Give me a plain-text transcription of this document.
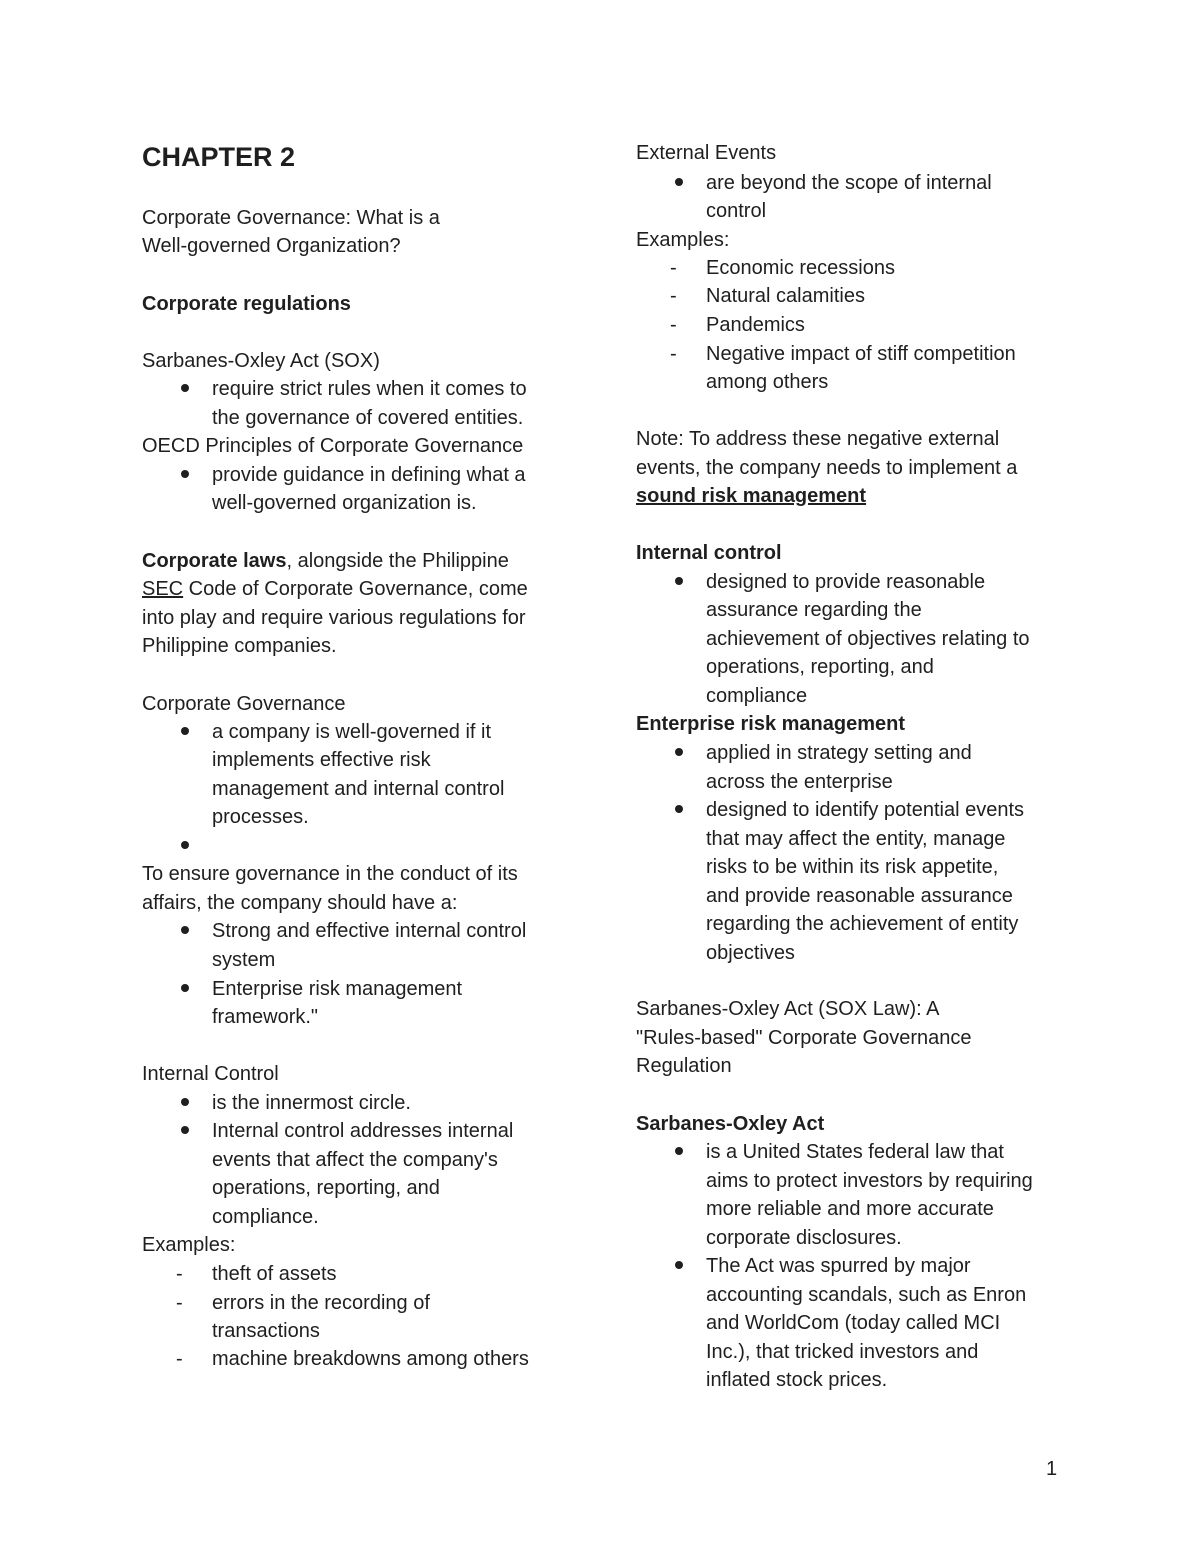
CHAPTER 2
Corporate Governance: What is a
Well-governed Organization?
Corporate regulations
Sarbanes-Oxley Act (SOX)
require strict rules when it comes to
the governance of covered entities.
OECD Principles of Corporate Governance
provide guidance in defining what a
well-governed organization is.
Corporate laws, alongside the Philippine
SEC Code of Corporate Governance, come
into play and require various regulations for
Philippine companies.
Corporate Governance
a company is well-governed if it
implements effective risk
management and internal control
processes.
To ensure governance in the conduct of its
affairs, the company should have a:
Strong and effective internal control
system
Enterprise risk management
framework."
Internal Control
is the innermost circle.
Internal control addresses internal
events that affect the company's
operations, reporting, and
compliance.
Examples:
- theft of assets
- errors in the recording of
transactions
- machine breakdowns among others
External Events
are beyond the scope of internal
control
Examples:
- Economic recessions
- Natural calamities
- Pandemics
- Negative impact of stiff competition
among others
Note: To address these negative external
events, the company needs to implement a
sound risk management
Internal control
designed to provide reasonable
assurance regarding the
achievement of objectives relating to
operations, reporting, and
compliance
Enterprise risk management
applied in strategy setting and
across the enterprise
designed to identify potential events
that may affect the entity, manage
risks to be within its risk appetite,
and provide reasonable assurance
regarding the achievement of entity
objectives
Sarbanes-Oxley Act (SOX Law): A
"Rules-based" Corporate Governance
Regulation
Sarbanes-Oxley Act
is a United States federal law that
aims to protect investors by requiring
more reliable and more accurate
corporate disclosures.
The Act was spurred by major
accounting scandals, such as Enron
and WorldCom (today called MCI
Inc.), that tricked investors and
inflated stock prices.
1
